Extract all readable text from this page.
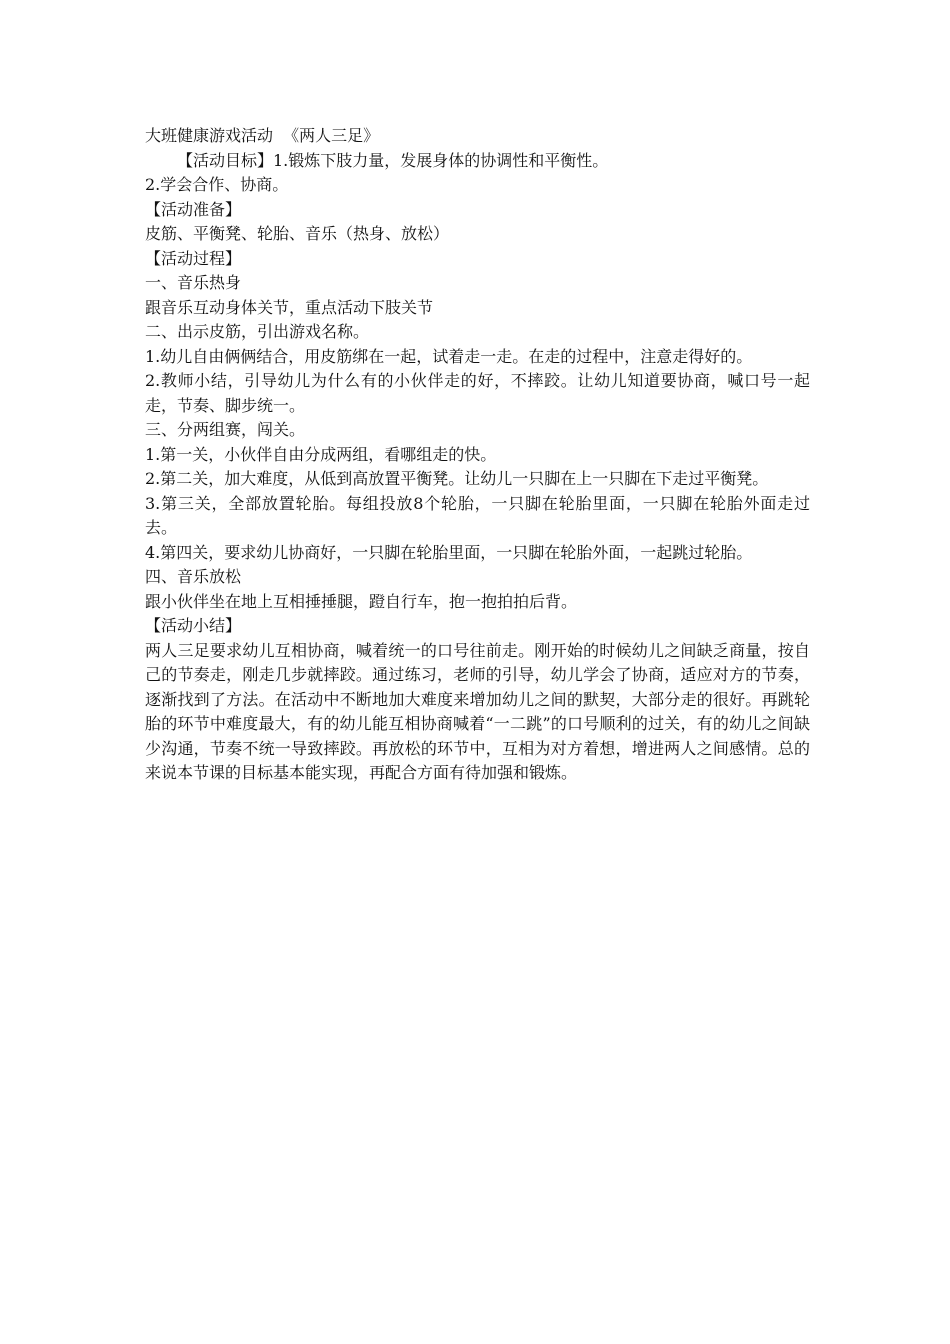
大班健康游戏活动  《两人三足》

【活动目标】1.锻炼下肢力量，发展身体的协调性和平衡性。

2.学会合作、协商。

【活动准备】

皮筋、平衡凳、轮胎、音乐（热身、放松）

【活动过程】

一、音乐热身

跟音乐互动身体关节，重点活动下肢关节

二、出示皮筋，引出游戏名称。

1.幼儿自由俩俩结合，用皮筋绑在一起，试着走一走。在走的过程中，注意走得好的。

2.教师小结，引导幼儿为什么有的小伙伴走的好，不摔跤。让幼儿知道要协商，喊口号一起走，节奏、脚步统一。

三、分两组赛，闯关。

1.第一关，小伙伴自由分成两组，看哪组走的快。

2.第二关，加大难度，从低到高放置平衡凳。让幼儿一只脚在上一只脚在下走过平衡凳。

3.第三关，全部放置轮胎。每组投放8个轮胎，一只脚在轮胎里面，一只脚在轮胎外面走过去。

4.第四关，要求幼儿协商好，一只脚在轮胎里面，一只脚在轮胎外面，一起跳过轮胎。

四、音乐放松

跟小伙伴坐在地上互相捶捶腿，蹬自行车，抱一抱拍拍后背。

【活动小结】

两人三足要求幼儿互相协商，喊着统一的口号往前走。刚开始的时候幼儿之间缺乏商量，按自己的节奏走，刚走几步就摔跤。通过练习，老师的引导，幼儿学会了协商，适应对方的节奏，逐渐找到了方法。在活动中不断地加大难度来增加幼儿之间的默契，大部分走的很好。再跳轮胎的环节中难度最大，有的幼儿能互相协商喊着“一二跳”的口号顺利的过关，有的幼儿之间缺少沟通，节奏不统一导致摔跤。再放松的环节中，互相为对方着想，增进两人之间感情。总的来说本节课的目标基本能实现，再配合方面有待加强和锻炼。
